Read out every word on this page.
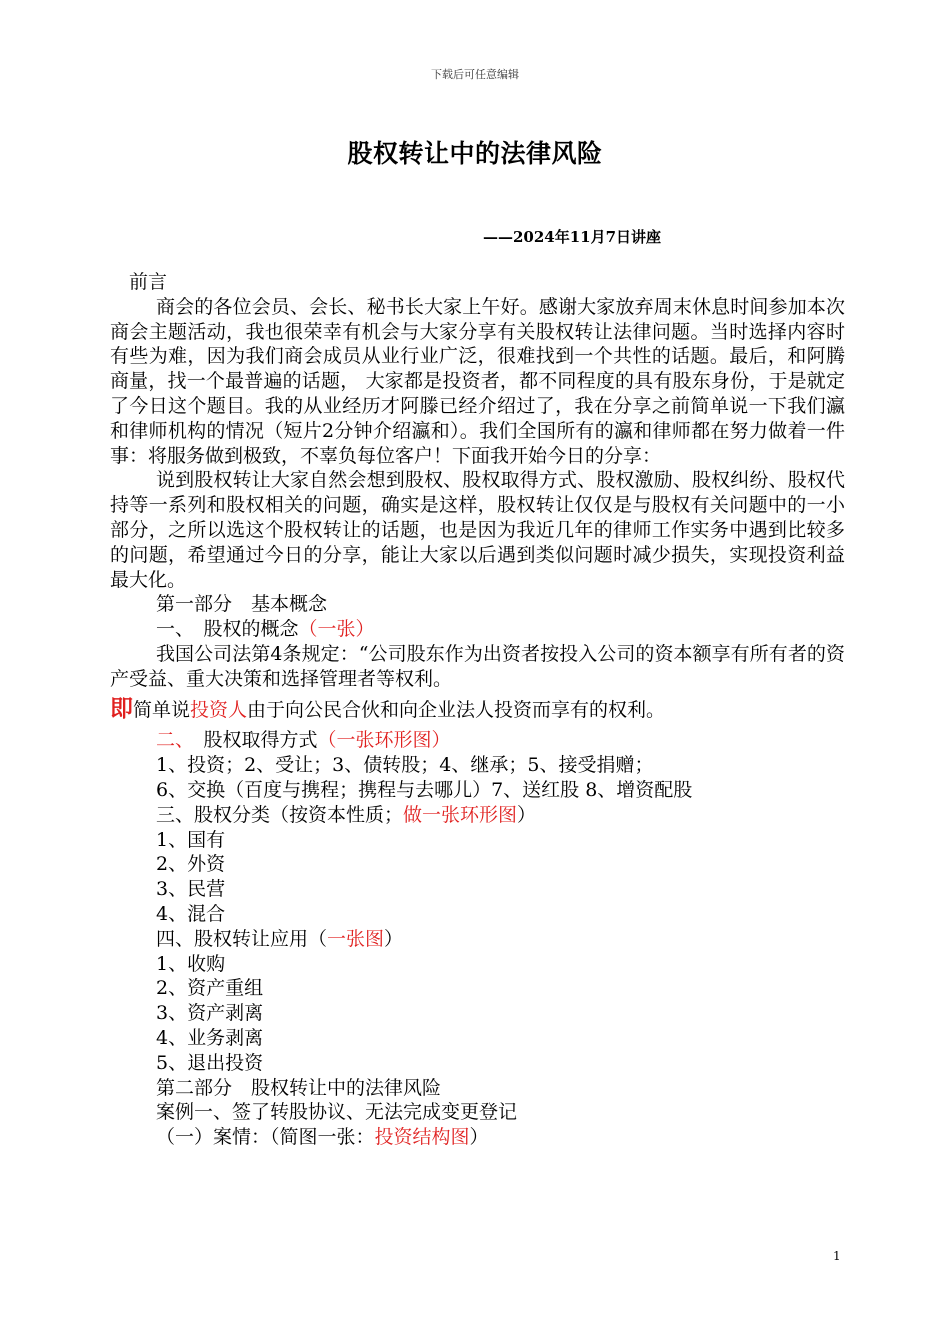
下载后可任意编辑
股权转让中的法律风险
——2024年11月7日讲座

前言

商会的各位会员、会长、秘书长大家上午好。感谢大家放弃周末休息时间参加本次商会主题活动，我也很荣幸有机会与大家分享有关股权转让法律问题。当时选择内容时有些为难，因为我们商会成员从业行业广泛，很难找到一个共性的话题。最后，和阿腾商量，找一个最普遍的话题， 大家都是投资者，都不同程度的具有股东身份，于是就定了今日这个题目。我的从业经历才阿滕已经介绍过了，我在分享之前简单说一下我们瀛和律师机构的情况（短片2分钟介绍瀛和）。我们全国所有的瀛和律师都在努力做着一件事：将服务做到极致，不辜负每位客户！下面我开始今日的分享：

说到股权转让大家自然会想到股权、股权取得方式、股权激励、股权纠纷、股权代持等一系列和股权相关的问题，确实是这样，股权转让仅仅是与股权有关问题中的一小部分，之所以选这个股权转让的话题，也是因为我近几年的律师工作实务中遇到比较多的问题，希望通过今日的分享，能让大家以后遇到类似问题时减少损失，实现投资利益最大化。

第一部分　基本概念

一、　股权的概念（一张）

我国公司法第4条规定：“公司股东作为出资者按投入公司的资本额享有所有者的资产受益、重大决策和选择管理者等权利。

即简单说投资人由于向公民合伙和向企业法人投资而享有的权利。

二、　股权取得方式（一张环形图）

1、投资；2、受让；3、债转股；4、继承；5、接受捐赠；

6、交换（百度与携程；携程与去哪儿）7、送红股 8、增资配股

三、股权分类（按资本性质；做一张环形图）

1、国有

2、外资

3、民营

4、混合

四、股权转让应用（一张图）

1、收购

2、资产重组

3、资产剥离

4、业务剥离

5、退出投资

第二部分　股权转让中的法律风险

案例一、签了转股协议、无法完成变更登记

（一）案情：（简图一张：投资结构图）

1
